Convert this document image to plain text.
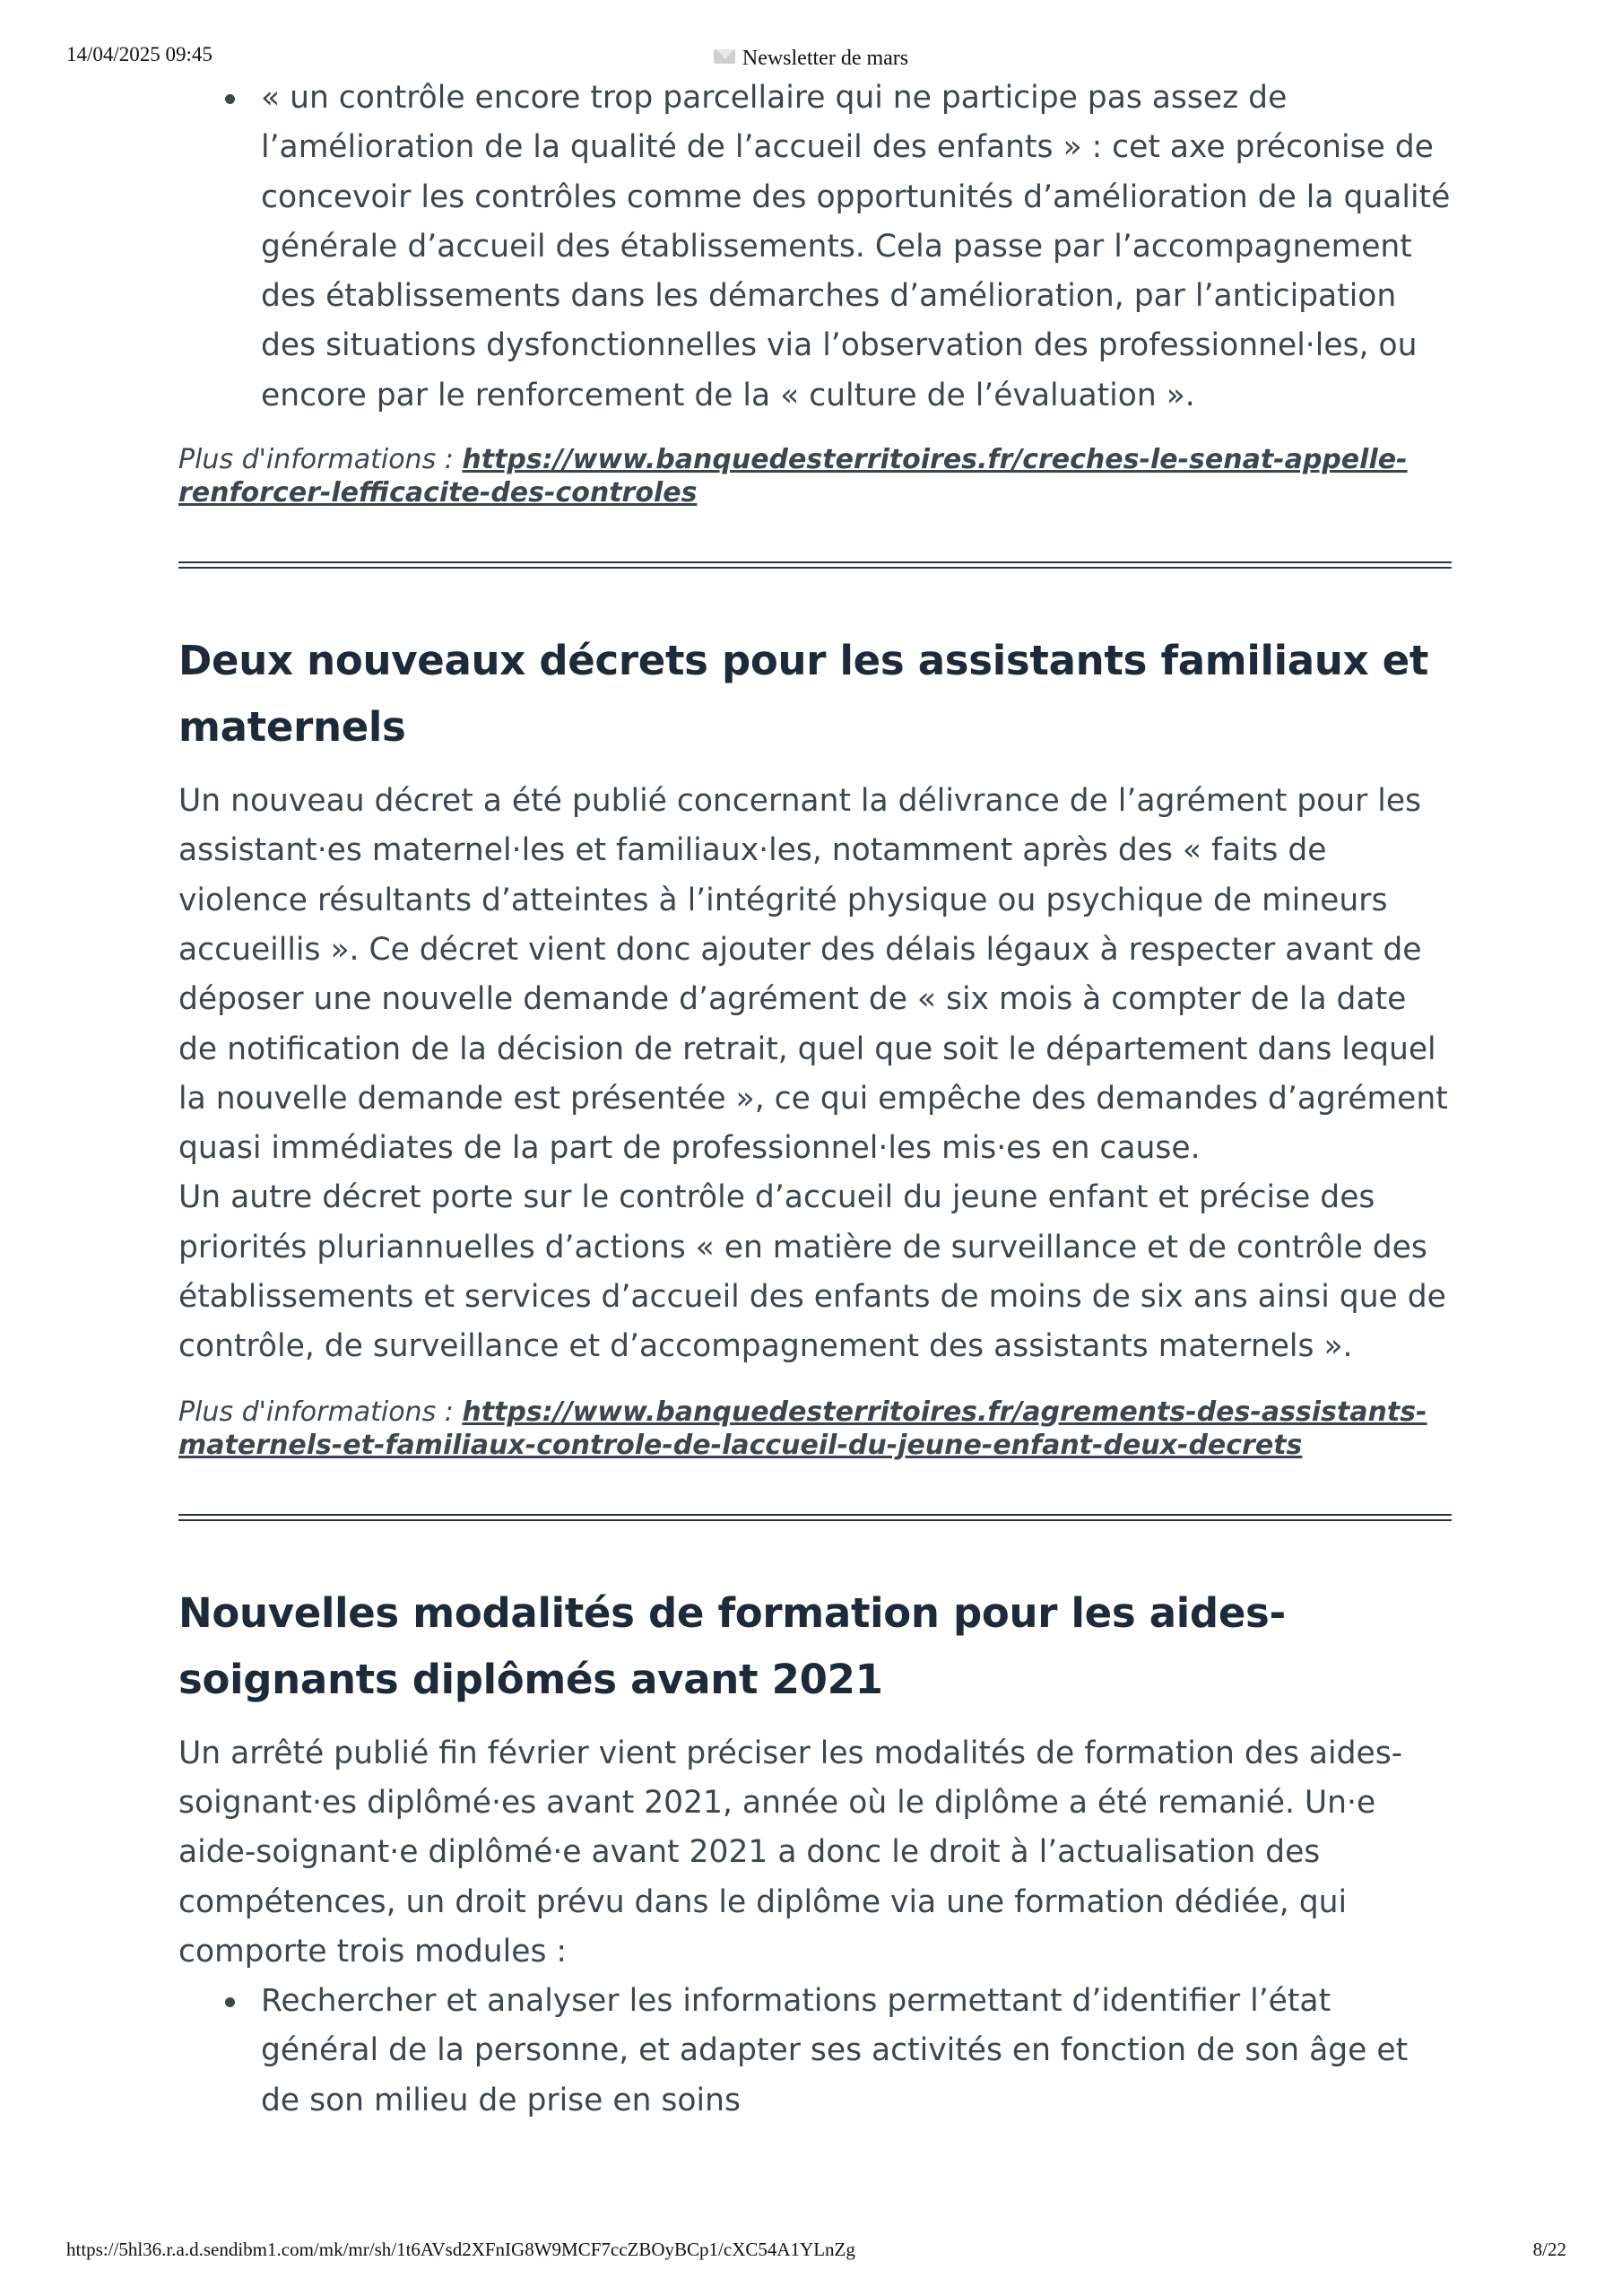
14/04/2025 09:45	Newsletter de mars
« un contrôle encore trop parcellaire qui ne participe pas assez de l’amélioration de la qualité de l’accueil des enfants » : cet axe préconise de concevoir les contrôles comme des opportunités d’amélioration de la qualité générale d’accueil des établissements. Cela passe par l’accompagnement des établissements dans les démarches d’amélioration, par l’anticipation des situations dysfonctionnelles via l’observation des professionnel·les, ou encore par le renforcement de la « culture de l’évaluation ».
Plus d'informations : https://www.banquedesterritoires.fr/creches-le-senat-appelle-renforcer-lefficacite-des-controles
Deux nouveaux décrets pour les assistants familiaux et maternels

Un nouveau décret a été publié concernant la délivrance de l’agrément pour les assistant·es maternel·les et familiaux·les, notamment après des « faits de violence résultants d’atteintes à l’intégrité physique ou psychique de mineurs accueillis ». Ce décret vient donc ajouter des délais légaux à respecter avant de déposer une nouvelle demande d’agrément de « six mois à compter de la date de notification de la décision de retrait, quel que soit le département dans lequel la nouvelle demande est présentée », ce qui empêche des demandes d’agrément quasi immédiates de la part de professionnel·les mis·es en cause.

Un autre décret porte sur le contrôle d’accueil du jeune enfant et précise des priorités pluriannuelles d’actions « en matière de surveillance et de contrôle des établissements et services d’accueil des enfants de moins de six ans ainsi que de contrôle, de surveillance et d’accompagnement des assistants maternels ».

Plus d'informations : https://www.banquedesterritoires.fr/agrements-des-assistants-maternels-et-familiaux-controle-de-laccueil-du-jeune-enfant-deux-decrets
Nouvelles modalités de formation pour les aides-soignants diplômés avant 2021

Un arrêté publié fin février vient préciser les modalités de formation des aides-soignant·es diplômé·es avant 2021, année où le diplôme a été remanié. Un·e aide-soignant·e diplômé·e avant 2021 a donc le droit à l’actualisation des compétences, un droit prévu dans le diplôme via une formation dédiée, qui comporte trois modules :

Rechercher et analyser les informations permettant d’identifier l’état général de la personne, et adapter ses activités en fonction de son âge et de son milieu de prise en soins
https://5hl36.r.a.d.sendibm1.com/mk/mr/sh/1t6AVsd2XFnIG8W9MCF7ccZBOyBCp1/cXC54A1YLnZg	8/22
